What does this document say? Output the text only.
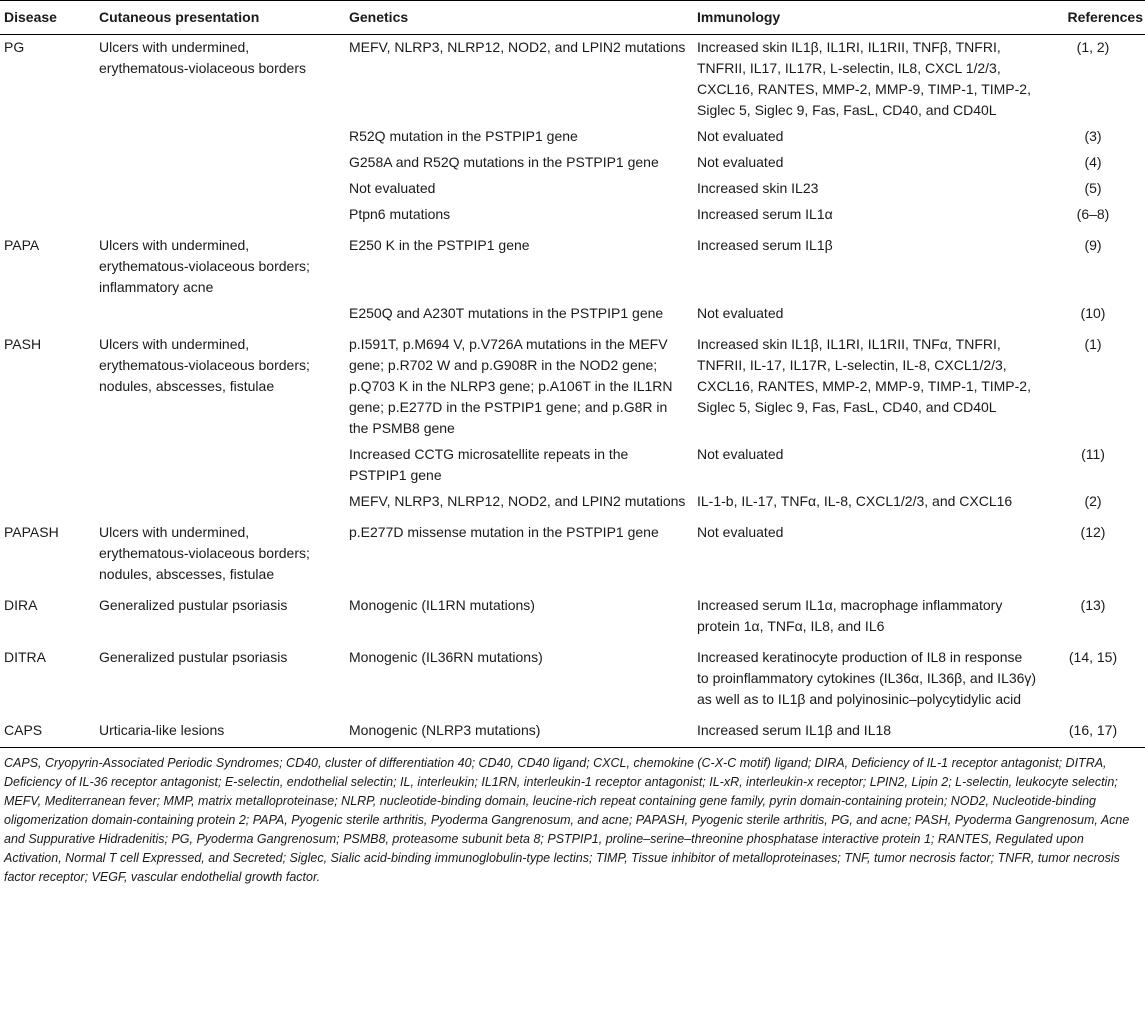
Disease	Cutaneous presentation	Genetics	Immunology	References
PG	Ulcers with undermined, erythematous-violaceous borders	MEFV, NLRP3, NLRP12, NOD2, and LPIN2 mutations	Increased skin IL1β, IL1RI, IL1RII, TNFβ, TNFRI, TNFRII, IL17, IL17R, L-selectin, IL8, CXCL 1/2/3, CXCL16, RANTES, MMP-2, MMP-9, TIMP-1, TIMP-2, Siglec 5, Siglec 9, Fas, FasL, CD40, and CD40L	(1, 2)
		R52Q mutation in the PSTPIP1 gene	Not evaluated	(3)
		G258A and R52Q mutations in the PSTPIP1 gene	Not evaluated	(4)
		Not evaluated	Increased skin IL23	(5)
		Ptpn6 mutations	Increased serum IL1α	(6–8)
PAPA	Ulcers with undermined, erythematous-violaceous borders; inflammatory acne	E250 K in the PSTPIP1 gene	Increased serum IL1β	(9)
		E250Q and A230T mutations in the PSTPIP1 gene	Not evaluated	(10)
PASH	Ulcers with undermined, erythematous-violaceous borders; nodules, abscesses, fistulae	p.I591T, p.M694 V, p.V726A mutations in the MEFV gene; p.R702 W and p.G908R in the NOD2 gene; p.Q703 K in the NLRP3 gene; p.A106T in the IL1RN gene; p.E277D in the PSTPIP1 gene; and p.G8R in the PSMB8 gene	Increased skin IL1β, IL1RI, IL1RII, TNFα, TNFRI, TNFRII, IL-17, IL17R, L-selectin, IL-8, CXCL1/2/3, CXCL16, RANTES, MMP-2, MMP-9, TIMP-1, TIMP-2, Siglec 5, Siglec 9, Fas, FasL, CD40, and CD40L	(1)
		Increased CCTG microsatellite repeats in the PSTPIP1 gene	Not evaluated	(11)
		MEFV, NLRP3, NLRP12, NOD2, and LPIN2 mutations	IL-1-b, IL-17, TNFα, IL-8, CXCL1/2/3, and CXCL16	(2)
PAPASH	Ulcers with undermined, erythematous-violaceous borders; nodules, abscesses, fistulae	p.E277D missense mutation in the PSTPIP1 gene	Not evaluated	(12)
DIRA	Generalized pustular psoriasis	Monogenic (IL1RN mutations)	Increased serum IL1α, macrophage inflammatory protein 1α, TNFα, IL8, and IL6	(13)
DITRA	Generalized pustular psoriasis	Monogenic (IL36RN mutations)	Increased keratinocyte production of IL8 in response to proinflammatory cytokines (IL36α, IL36β, and IL36γ) as well as to IL1β and polyinosinic–polycytidylic acid	(14, 15)
CAPS	Urticaria-like lesions	Monogenic (NLRP3 mutations)	Increased serum IL1β and IL18	(16, 17)
CAPS, Cryopyrin-Associated Periodic Syndromes; CD40, cluster of differentiation 40; CD40, CD40 ligand; CXCL, chemokine (C-X-C motif) ligand; DIRA, Deficiency of IL-1 receptor antagonist; DITRA, Deficiency of IL-36 receptor antagonist; E-selectin, endothelial selectin; IL, interleukin; IL1RN, interleukin-1 receptor antagonist; IL-xR, interleukin-x receptor; LPIN2, Lipin 2; L-selectin, leukocyte selectin; MEFV, Mediterranean fever; MMP, matrix metalloproteinase; NLRP, nucleotide-binding domain, leucine-rich repeat containing gene family, pyrin domain-containing protein; NOD2, Nucleotide-binding oligomerization domain-containing protein 2; PAPA, Pyogenic sterile arthritis, Pyoderma Gangrenosum, and acne; PAPASH, Pyogenic sterile arthritis, PG, and acne; PASH, Pyoderma Gangrenosum, Acne and Suppurative Hidradenitis; PG, Pyoderma Gangrenosum; PSMB8, proteasome subunit beta 8; PSTPIP1, proline–serine–threonine phosphatase interactive protein 1; RANTES, Regulated upon Activation, Normal T cell Expressed, and Secreted; Siglec, Sialic acid-binding immunoglobulin-type lectins; TIMP, Tissue inhibitor of metalloproteinases; TNF, tumor necrosis factor; TNFR, tumor necrosis factor receptor; VEGF, vascular endothelial growth factor.
